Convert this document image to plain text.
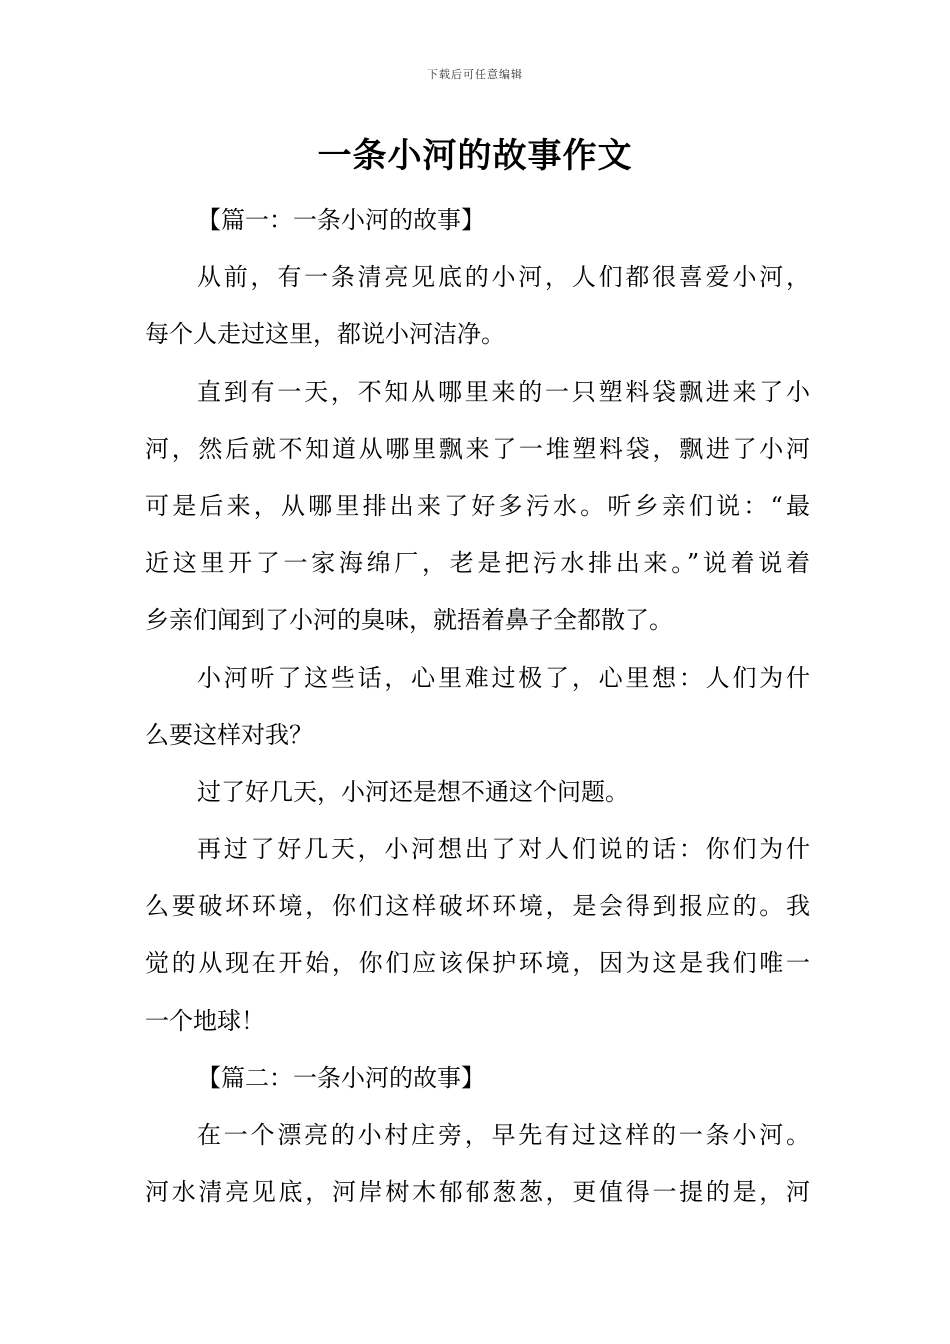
下载后可任意编辑
一条小河的故事作文
【篇一：一条小河的故事】
从前，有一条清亮见底的小河，人们都很喜爱小河，
每个人走过这里，都说小河洁净。
直到有一天，不知从哪里来的一只塑料袋飘进来了小
河，然后就不知道从哪里飘来了一堆塑料袋，飘进了小河
可是后来，从哪里排出来了好多污水。听乡亲们说：“最
近这里开了一家海绵厂，老是把污水排出来。”说着说着
乡亲们闻到了小河的臭味，就捂着鼻子全都散了。
小河听了这些话，心里难过极了，心里想：人们为什
么要这样对我？
过了好几天，小河还是想不通这个问题。
再过了好几天，小河想出了对人们说的话：你们为什
么要破坏环境，你们这样破坏环境，是会得到报应的。我
觉的从现在开始，你们应该保护环境，因为这是我们唯一
一个地球！
【篇二：一条小河的故事】
在一个漂亮的小村庄旁，早先有过这样的一条小河。
河水清亮见底，河岸树木郁郁葱葱，更值得一提的是，河
